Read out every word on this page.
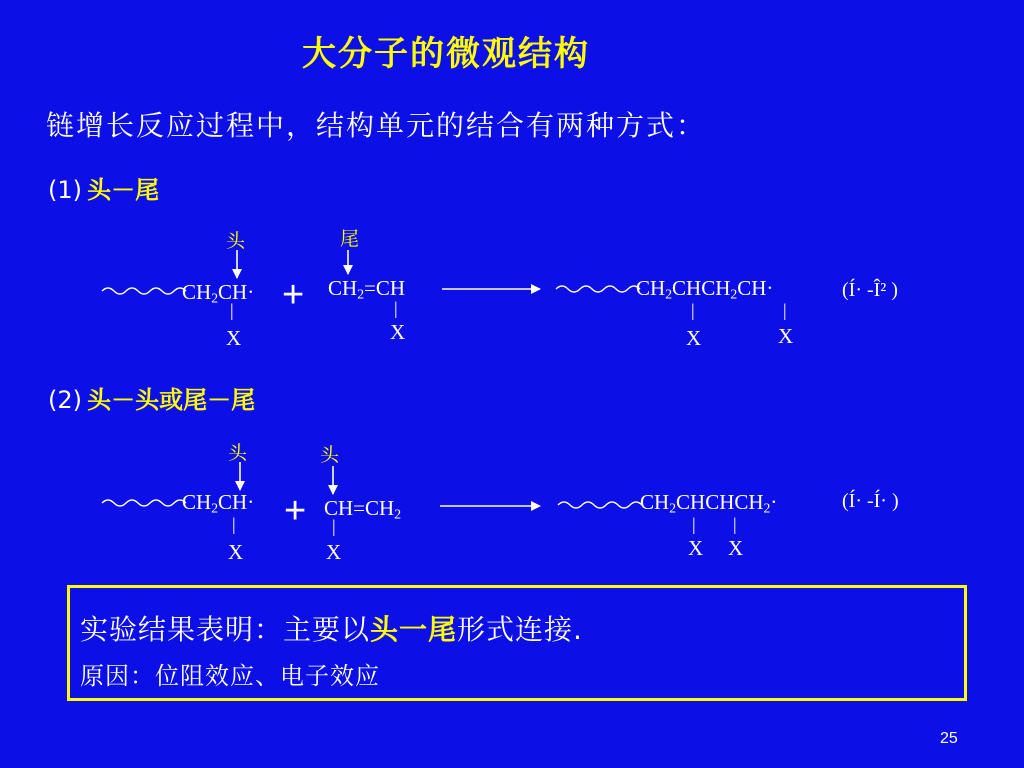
大分子的微观结构
链增长反应过程中，结构单元的结合有两种方式：
(1) 头－尾
头	尾
$CH_2CH\cdot + CH_2=CH$	$CH_2CHCH_2CH\cdot$	(Í· -Î² )
|
X
|
X
|
X
|
X
(2) 头－头或尾－尾
头	头
$CH_2CH\cdot + CH=CH_2$	$CH_2CHCHCH_2\cdot$	(Í· -Í· )
|
X
|
X
|
X
|
X
实验结果表明：主要以头一尾形式连接.
原因：位阻效应、电子效应
25
